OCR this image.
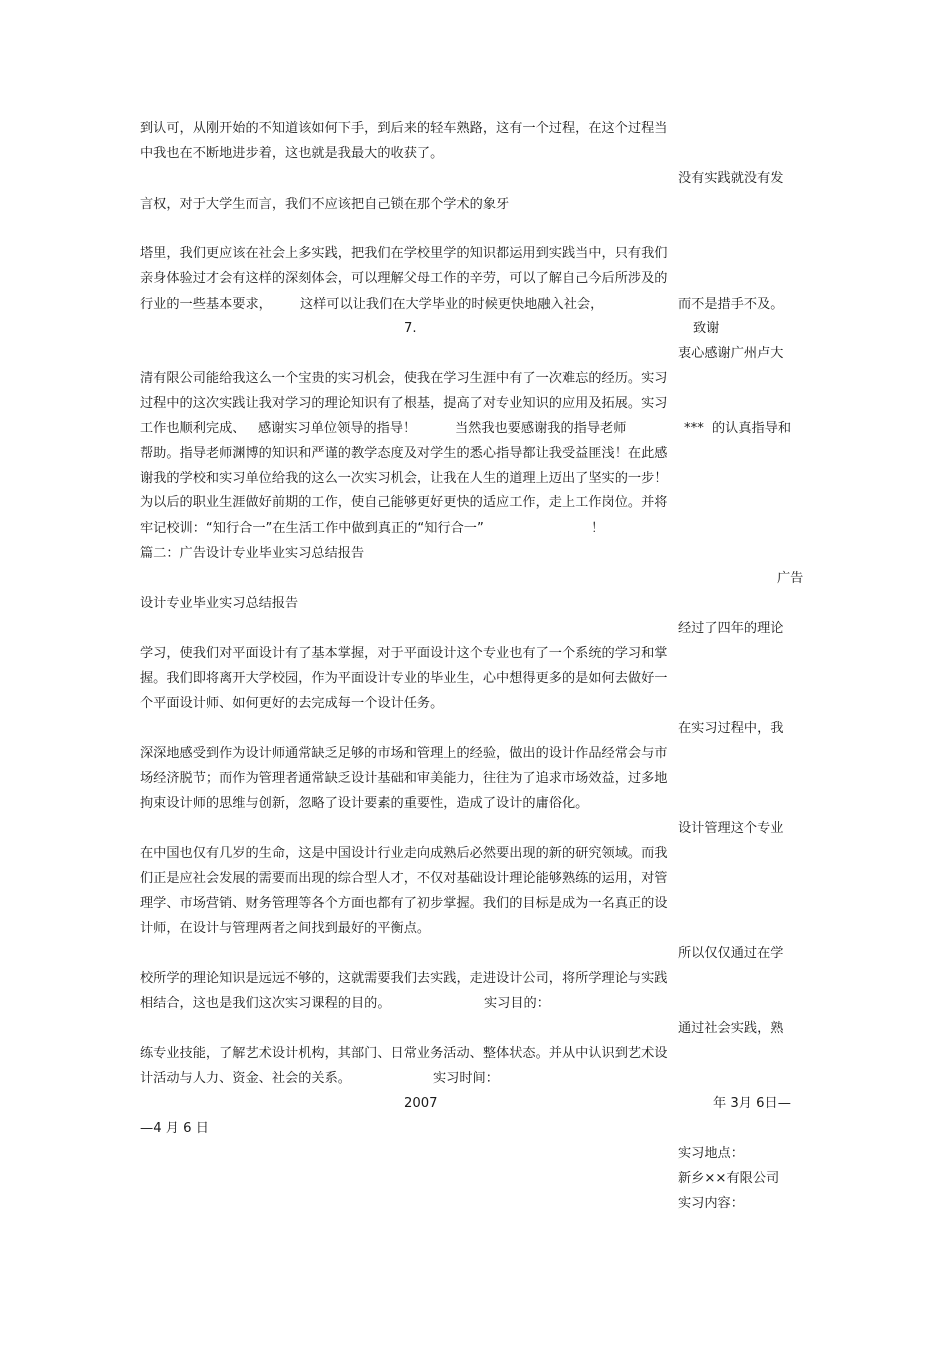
到认可，从刚开始的不知道该如何下手，到后来的轻车熟路，这有一个过程，在这个过程当
中我也在不断地进步着，这也就是我最大的收获了。
没有实践就没有发
言权，对于大学生而言，我们不应该把自己锁在那个学术的象牙
塔里，我们更应该在社会上多实践，把我们在学校里学的知识都运用到实践当中，只有我们
亲身体验过才会有这样的深刻体会，可以理解父母工作的辛劳，可以了解自己今后所涉及的
行业的一些基本要求， 这样可以让我们在大学毕业的时候更快地融入社会，	而不是措手不及。
7.	致谢
衷心感谢广州卢大
清有限公司能给我这么一个宝贵的实习机会，使我在学习生涯中有了一次难忘的经历。实习
过程中的这次实践让我对学习的理论知识有了根基，提高了对专业知识的应用及拓展。实习
工作也顺利完成、 感谢实习单位领导的指导！	当然我也要感谢我的指导老师	*** 的认真指导和
帮助。指导老师渊博的知识和严谨的教学态度及对学生的悉心指导都让我受益匪浅！在此感
谢我的学校和实习单位给我的这么一次实习机会，让我在人生的道理上迈出了坚实的一步！
为以后的职业生涯做好前期的工作，使自己能够更好更快的适应工作，走上工作岗位。并将
牢记校训：“知行合一”在生活工作中做到真正的“知行合一”	！
篇二：广告设计专业毕业实习总结报告
广告
设计专业毕业实习总结报告
经过了四年的理论
学习，使我们对平面设计有了基本掌握，对于平面设计这个专业也有了一个系统的学习和掌
握。我们即将离开大学校园，作为平面设计专业的毕业生，心中想得更多的是如何去做好一
个平面设计师、如何更好的去完成每一个设计任务。
在实习过程中，我
深深地感受到作为设计师通常缺乏足够的市场和管理上的经验，做出的设计作品经常会与市
场经济脱节；而作为管理者通常缺乏设计基础和审美能力，往往为了追求市场效益，过多地
拘束设计师的思维与创新，忽略了设计要素的重要性，造成了设计的庸俗化。
设计管理这个专业
在中国也仅有几岁的生命，这是中国设计行业走向成熟后必然要出现的新的研究领域。而我
们正是应社会发展的需要而出现的综合型人才，不仅对基础设计理论能够熟练的运用，对管
理学、市场营销、财务管理等各个方面也都有了初步掌握。我们的目标是成为一名真正的设
计师，在设计与管理两者之间找到最好的平衡点。
所以仅仅通过在学
校所学的理论知识是远远不够的，这就需要我们去实践，走进设计公司，将所学理论与实践
相结合，这也是我们这次实习课程的目的。	实习目的：
通过社会实践，熟
练专业技能，了解艺术设计机构，其部门、日常业务活动、整体状态。并从中认识到艺术设
计活动与人力、资金、社会的关系。	实习时间：
2007	年 3月 6日—
—4 月 6 日
实习地点：
新乡××有限公司
实习内容：
